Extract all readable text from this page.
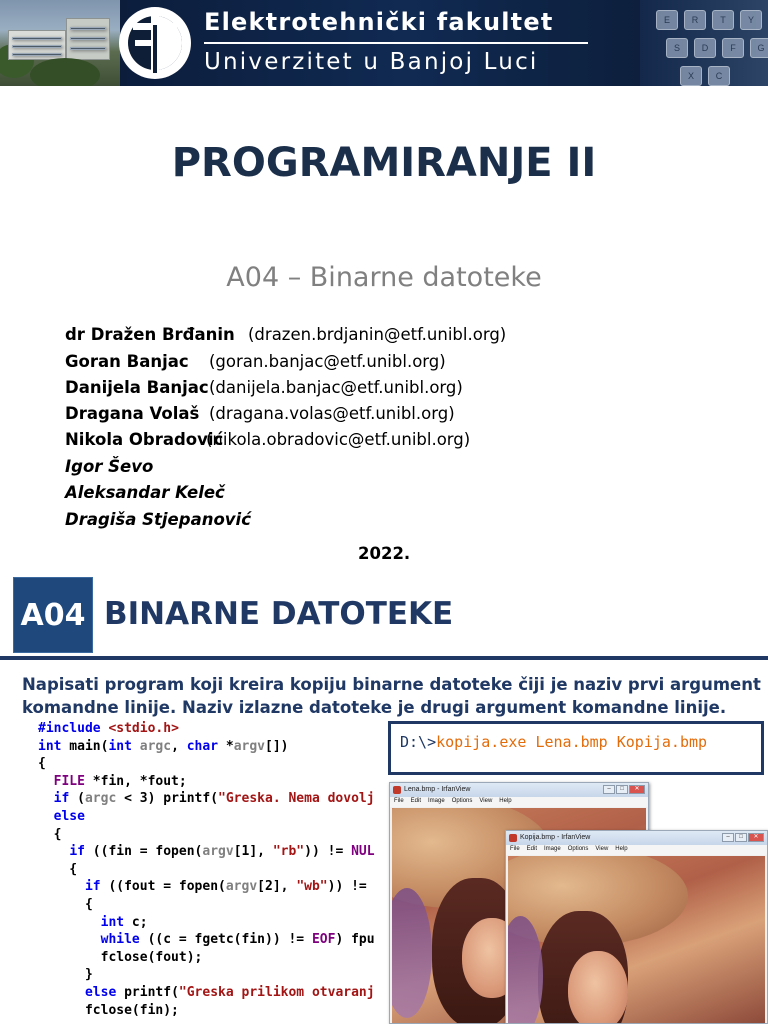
E	R	T	Y
S	D	F	G
X	C
Elektrotehnički fakultet
Univerzitet u Banjoj Luci
PROGRAMIRANJE II
A04 – Binarne datoteke
dr Dražen Brđanin (drazen.brdjanin@etf.unibl.org)
Goran Banjac (goran.banjac@etf.unibl.org)
Danijela Banjac (danijela.banjac@etf.unibl.org)
Dragana Volaš (dragana.volas@etf.unibl.org)
Nikola Obradović
(nikola.obradovic@etf.unibl.org)
Igor Ševo
Aleksandar Keleč
Dragiša Stjepanović
2022.
A04 BINARNE DATOTEKE
Napisati program koji kreira kopiju binarne datoteke čiji je naziv prvi argument komandne linije. Naziv izlazne datoteke je drugi argument komandne linije.
#include <stdio.h>
int main(int argc, char *argv[])
{
FILE *fin, *fout;
if (argc < 3) printf("Greska. Nema dovolj
else
{
if ((fin = fopen(argv[1], "rb")) != NUL
{
if ((fout = fopen(argv[2], "wb")) !=
{
int c;
while ((c = fgetc(fin)) != EOF) fpu
fclose(fout);
}
else printf("Greska prilikom otvaranj
fclose(fin);
D:\>kopija.exe Lena.bmp Kopija.bmp
Lena.bmp - IrfanView	–	□	✕
File Edit Image Options View Help
Kopija.bmp - IrfanView	–	□	✕
File Edit Image Options View Help
